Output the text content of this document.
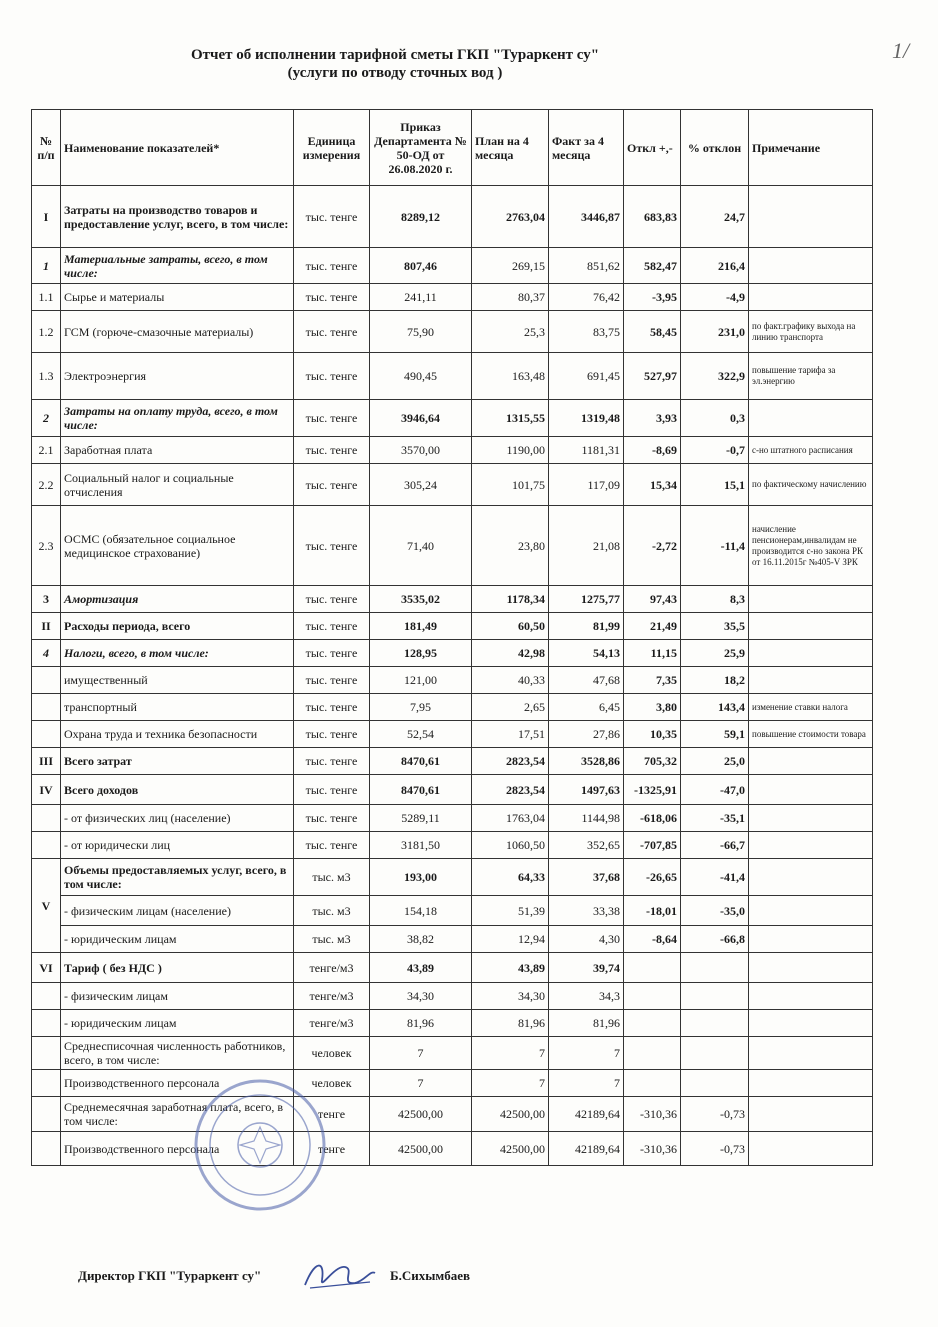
1/
Отчет об исполнении тарифной сметы ГКП "Тураркент су"
(услуги по отводу сточных вод )
№ п/п	Наименование показателей*	Единица измерения	Приказ Департамента № 50-ОД от 26.08.2020 г.	План на 4 месяца	Факт за 4 месяца	Откл +,-	% отклон	Примечание
I	Затраты на производство товаров и предоставление услуг, всего, в том числе:	тыс. тенге	8289,12	2763,04	3446,87	683,83	24,7	
1	Материальные затраты, всего, в том числе:	тыс. тенге	807,46	269,15	851,62	582,47	216,4	
1.1	Сырье и материалы	тыс. тенге	241,11	80,37	76,42	-3,95	-4,9	
1.2	ГСМ (горюче-смазочные материалы)	тыс. тенге	75,90	25,3	83,75	58,45	231,0	по факт.графику выхода на линию транспорта
1.3	Электроэнергия	тыс. тенге	490,45	163,48	691,45	527,97	322,9	повышение тарифа за эл.энергию
2	Затраты на оплату труда, всего, в том числе:	тыс. тенге	3946,64	1315,55	1319,48	3,93	0,3	
2.1	Заработная плата	тыс. тенге	3570,00	1190,00	1181,31	-8,69	-0,7	с-но штатного расписания
2.2	Социальный налог и социальные отчисления	тыс. тенге	305,24	101,75	117,09	15,34	15,1	по фактическому начислению
2.3	ОСМС (обязательное социальное медицинское страхование)	тыс. тенге	71,40	23,80	21,08	-2,72	-11,4	начисление пенсионерам,инвалидам не производится с-но закона РК от 16.11.2015г №405-V ЗРК
3	Амортизация	тыс. тенге	3535,02	1178,34	1275,77	97,43	8,3	
II	Расходы периода, всего	тыс. тенге	181,49	60,50	81,99	21,49	35,5	
4	Налоги, всего, в том числе:	тыс. тенге	128,95	42,98	54,13	11,15	25,9	
	имущественный	тыс. тенге	121,00	40,33	47,68	7,35	18,2	
	транспортный	тыс. тенге	7,95	2,65	6,45	3,80	143,4	изменение ставки налога
	Охрана труда и техника безопасности	тыс. тенге	52,54	17,51	27,86	10,35	59,1	повышение стоимости товара
III	Всего затрат	тыс. тенге	8470,61	2823,54	3528,86	705,32	25,0	
IV	Всего доходов	тыс. тенге	8470,61	2823,54	1497,63	-1325,91	-47,0	
	- от физических лиц (население)	тыс. тенге	5289,11	1763,04	1144,98	-618,06	-35,1	
	- от юридически лиц	тыс. тенге	3181,50	1060,50	352,65	-707,85	-66,7	
V	Объемы предоставляемых услуг, всего, в том числе:	тыс. м3	193,00	64,33	37,68	-26,65	-41,4	
	- физическим лицам (население)	тыс. м3	154,18	51,39	33,38	-18,01	-35,0	
	- юридическим лицам	тыс. м3	38,82	12,94	4,30	-8,64	-66,8	
VI	Тариф ( без НДС )	тенге/м3	43,89	43,89	39,74			
	- физическим лицам	тенге/м3	34,30	34,30	34,3			
	- юридическим лицам	тенге/м3	81,96	81,96	81,96			
	Среднесписочная численность работников, всего, в том числе:	человек	7	7	7			
	Производственного персонала	человек	7	7	7			
	Среднемесячная заработная плата, всего, в том числе:	тенге	42500,00	42500,00	42189,64	-310,36	-0,73	
	Производственного персонала	тенге	42500,00	42500,00	42189,64	-310,36	-0,73	
Директор ГКП "Тураркент су"	Б.Сихымбаев
